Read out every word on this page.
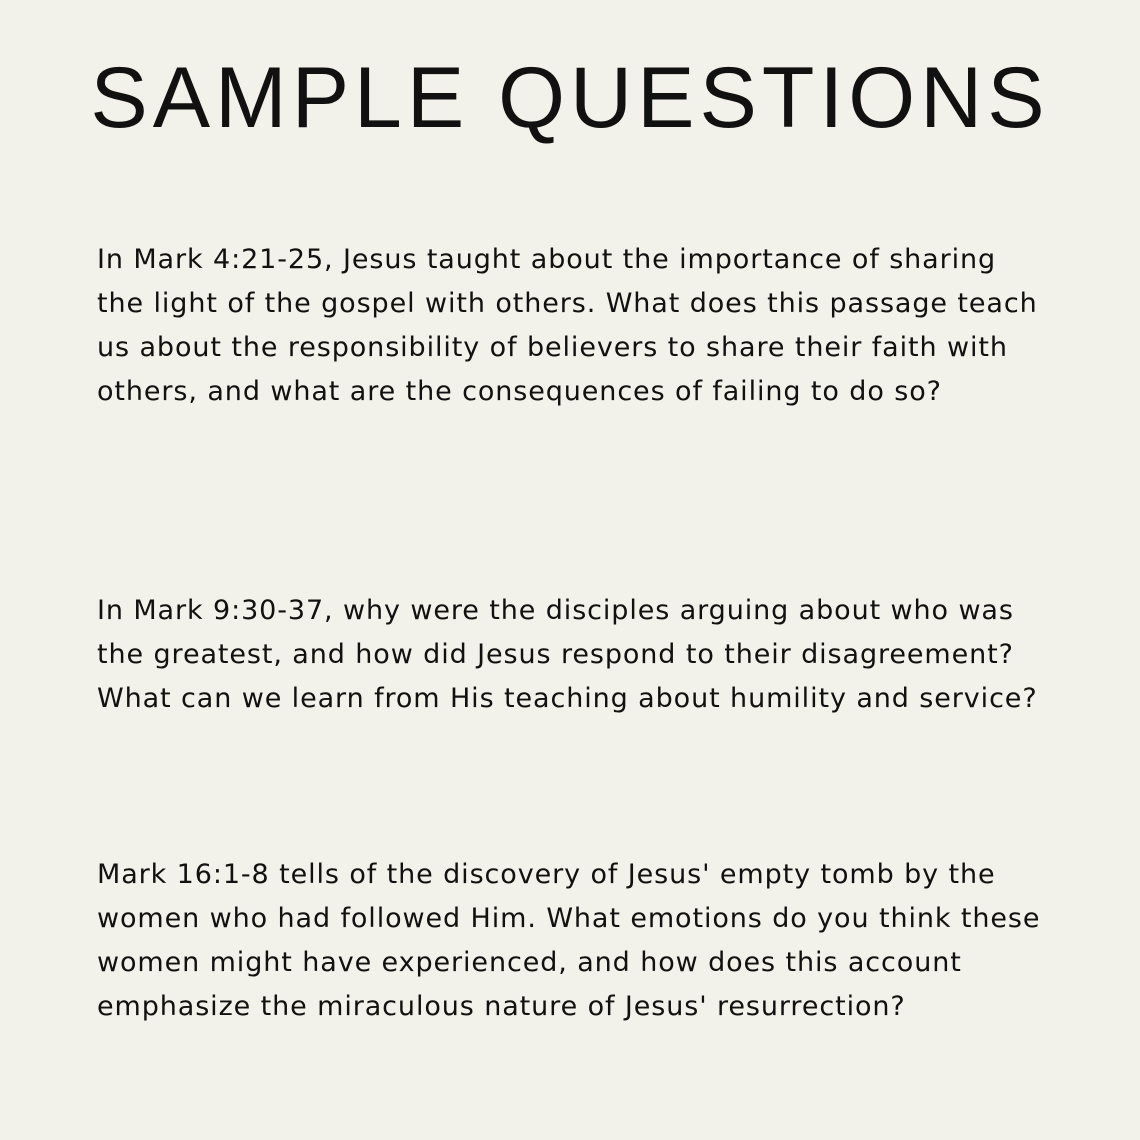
SAMPLE QUESTIONS

In Mark 4:21-25, Jesus taught about the importance of sharing the light of the gospel with others. What does this passage teach us about the responsibility of believers to share their faith with others, and what are the consequences of failing to do so?

In Mark 9:30-37, why were the disciples arguing about who was the greatest, and how did Jesus respond to their disagreement? What can we learn from His teaching about humility and service?

Mark 16:1-8 tells of the discovery of Jesus' empty tomb by the women who had followed Him. What emotions do you think these women might have experienced, and how does this account emphasize the miraculous nature of Jesus' resurrection?
